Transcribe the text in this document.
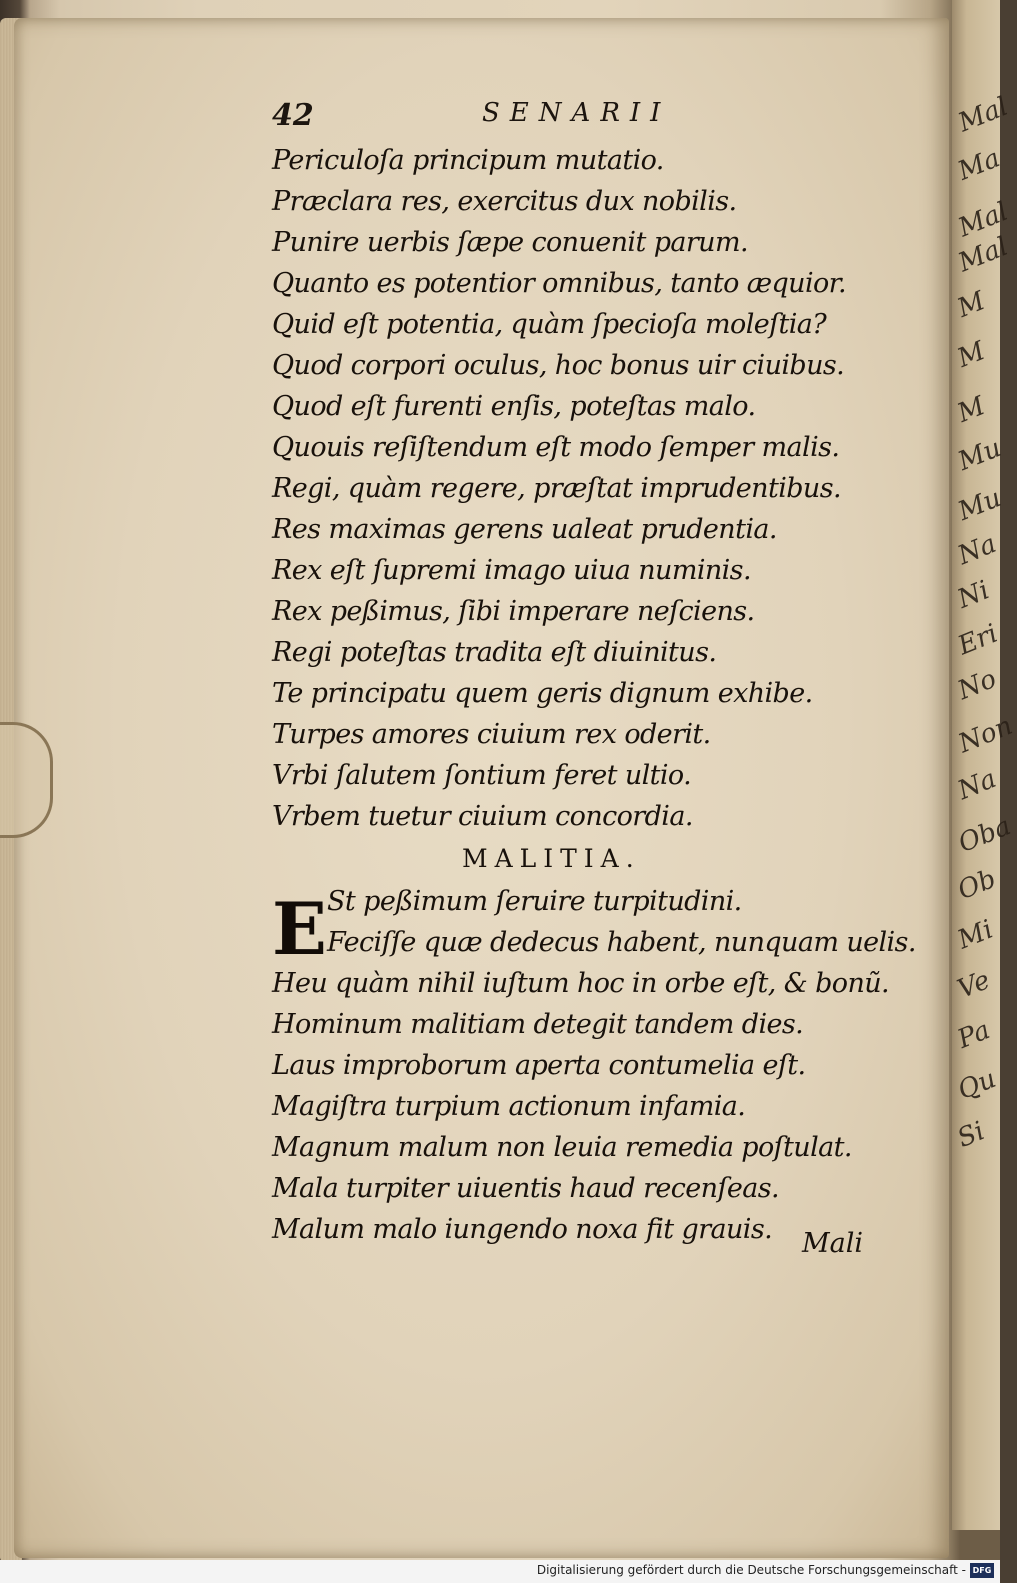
Mal
Ma
Mal
Mal
M
M
M
Mu
Mu
Na
Ni
Eri
No
Non
Na
Oba
Ob
Mi
Ve
Pa
Qu
Si
42	SENARII
Periculoſa principum mutatio.
Præclara res, exercitus dux nobilis.
Punire uerbis ſæpe conuenit parum.
Quanto es potentior omnibus, tanto æquior.
Quid eſt potentia, quàm ſpecioſa moleſtia?
Quod corpori oculus, hoc bonus uir ciuibus.
Quod eſt furenti enſis, poteſtas malo.
Quouis reſiſtendum eſt modo ſemper malis.
Regi, quàm regere, præſtat imprudentibus.
Res maximas gerens ualeat prudentia.
Rex eſt ſupremi imago uiua numinis.
Rex peßimus, ſibi imperare neſciens.
Regi poteſtas tradita eſt diuinitus.
Te principatu quem geris dignum exhibe.
Turpes amores ciuium rex oderit.
Vrbi ſalutem ſontium feret ultio.
Vrbem tuetur ciuium concordia.
MALITIA.
E St peßimum ſeruire turpitudini.
Feciſſe quæ dedecus habent, nunquam uelis.
Heu quàm nihil iuſtum hoc in orbe eſt, & bonũ.
Hominum malitiam detegit tandem dies.
Laus improborum aperta contumelia eſt.
Magiſtra turpium actionum infamia.
Magnum malum non leuia remedia poſtulat.
Mala turpiter uiuentis haud recenſeas.
Malum malo iungendo noxa fit grauis.	Mali
Digitalisierung gefördert durch die Deutsche Forschungsgemeinschaft - DFG
